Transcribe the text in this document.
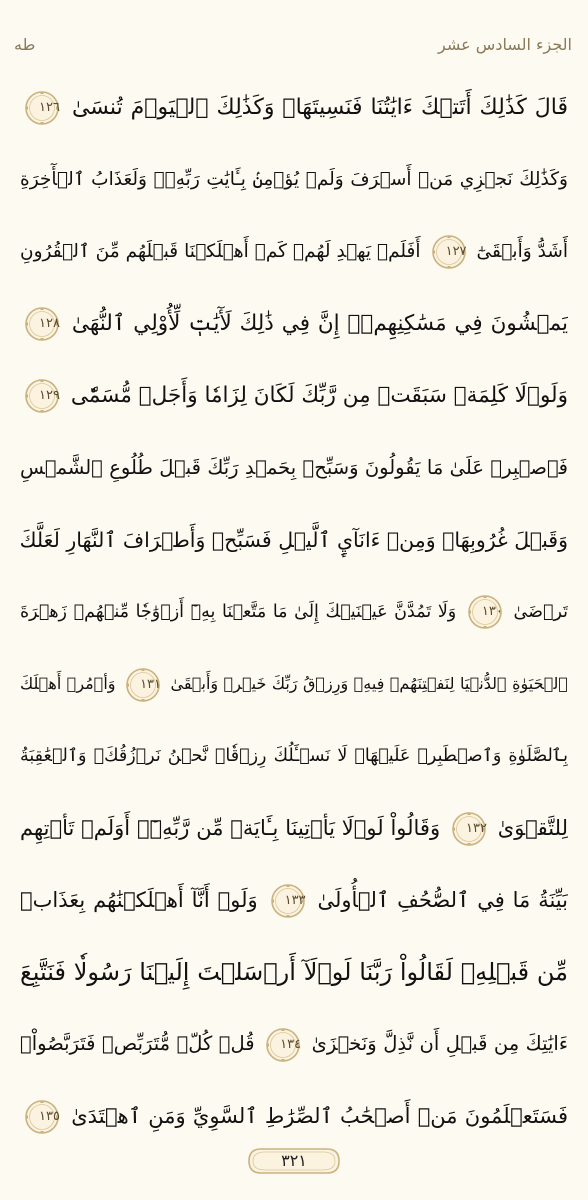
طه	الجزء السادس عشر
قَالَ كَذَٰلِكَ أَتَتۡكَ ءَايَٰتُنَا فَنَسِيتَهَاۖ وَكَذَٰلِكَ ٱلۡيَوۡمَ تُنسَىٰ
١٢٦
وَكَذَٰلِكَ نَجۡزِي مَنۡ أَسۡرَفَ وَلَمۡ يُؤۡمِنۢ بِـَٔايَٰتِ رَبِّهِۦۚ وَلَعَذَابُ ٱلۡأٓخِرَةِ
أَشَدُّ وَأَبۡقَىٰٓ
١٢٧
أَفَلَمۡ يَهۡدِ لَهُمۡ كَمۡ أَهۡلَكۡنَا قَبۡلَهُم مِّنَ ٱلۡقُرُونِ
يَمۡشُونَ فِي مَسَٰكِنِهِمۡۚ إِنَّ فِي ذَٰلِكَ لَأٓيَٰتٖ لِّأُوْلِي ٱلنُّهَىٰ
١٢٨
وَلَوۡلَا كَلِمَةٞ سَبَقَتۡ مِن رَّبِّكَ لَكَانَ لِزَامٗا وَأَجَلٞ مُّسَمّٗى
١٢٩
فَٱصۡبِرۡ عَلَىٰ مَا يَقُولُونَ وَسَبِّحۡ بِحَمۡدِ رَبِّكَ قَبۡلَ طُلُوعِ ٱلشَّمۡسِ
وَقَبۡلَ غُرُوبِهَاۖ وَمِنۡ ءَانَآيِٕ ٱلَّيۡلِ فَسَبِّحۡ وَأَطۡرَافَ ٱلنَّهَارِ لَعَلَّكَ
تَرۡضَىٰ
١٣٠
وَلَا تَمُدَّنَّ عَيۡنَيۡكَ إِلَىٰ مَا مَتَّعۡنَا بِهِۦٓ أَزۡوَٰجٗا مِّنۡهُمۡ زَهۡرَةَ
ٱلۡحَيَوٰةِ ٱلدُّنۡيَا لِنَفۡتِنَهُمۡ فِيهِۚ وَرِزۡقُ رَبِّكَ خَيۡرٞ وَأَبۡقَىٰ
١٣١
وَأۡمُرۡ أَهۡلَكَ
بِٱلصَّلَوٰةِ وَٱصۡطَبِرۡ عَلَيۡهَاۖ لَا نَسۡـَٔلُكَ رِزۡقٗاۖ نَّحۡنُ نَرۡزُقُكَۗ وَٱلۡعَٰقِبَةُ
لِلتَّقۡوَىٰ
١٣٢
وَقَالُواْ لَوۡلَا يَأۡتِينَا بِـَٔايَةٖ مِّن رَّبِّهِۦٓۚ أَوَلَمۡ تَأۡتِهِم
بَيِّنَةُ مَا فِي ٱلصُّحُفِ ٱلۡأُولَىٰ
١٣٣
وَلَوۡ أَنَّآ أَهۡلَكۡنَٰهُم بِعَذَابٖ
مِّن قَبۡلِهِۦ لَقَالُواْ رَبَّنَا لَوۡلَآ أَرۡسَلۡتَ إِلَيۡنَا رَسُولٗا فَنَتَّبِعَ
ءَايَٰتِكَ مِن قَبۡلِ أَن نَّذِلَّ وَنَخۡزَىٰ
١٣٤
قُلۡ كُلّٞ مُّتَرَبِّصٞ فَتَرَبَّصُواْۖ
فَسَتَعۡلَمُونَ مَنۡ أَصۡحَٰبُ ٱلصِّرَٰطِ ٱلسَّوِيِّ وَمَنِ ٱهۡتَدَىٰ
١٣٥
٣٢١
